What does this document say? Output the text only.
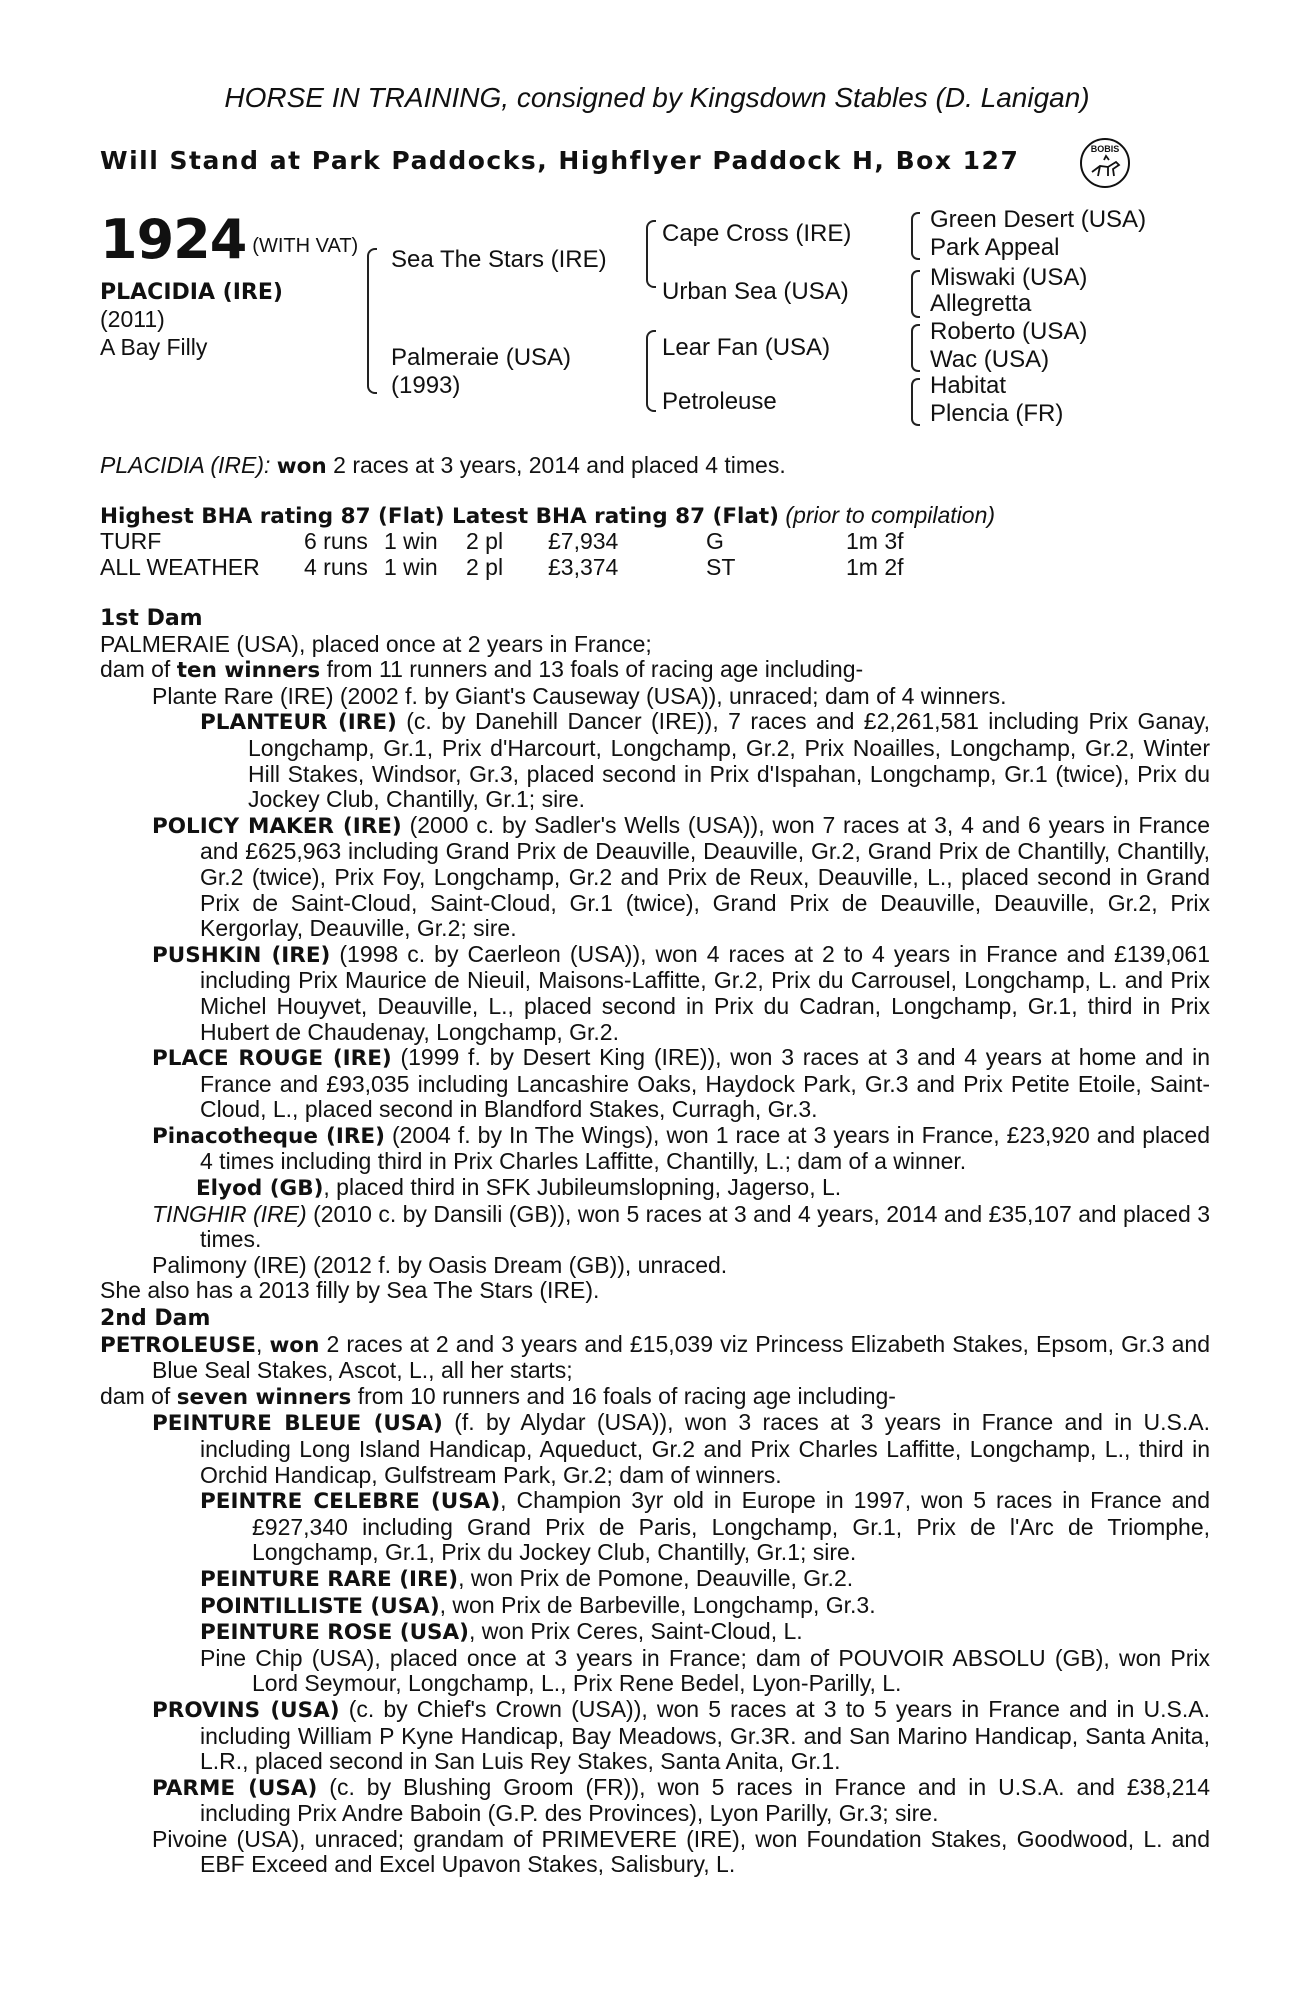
HORSE IN TRAINING, consigned by Kingsdown Stables (D. Lanigan)
Will Stand at Park Paddocks, Highflyer Paddock H, Box 127	BOBIS
1924 (WITH VAT)
PLACIDIA (IRE)
(2011)
A Bay Filly
Sea The Stars (IRE)
Palmeraie (USA)
(1993)
Cape Cross (IRE)
Urban Sea (USA)
Lear Fan (USA)
Petroleuse
Green Desert (USA)
Park Appeal
Miswaki (USA)
Allegretta
Roberto (USA)
Wac (USA)
Habitat
Plencia (FR)
PLACIDIA (IRE): won 2 races at 3 years, 2014 and placed 4 times.
Highest BHA rating 87 (Flat) Latest BHA rating 87 (Flat) (prior to compilation)
TURF	6 runs 1 win 2 pl £7,934	G	1m 3f
ALL WEATHER 4 runs 1 win 2 pl £3,374	ST	1m 2f

1st Dam

PALMERAIE (USA), placed once at 2 years in France;

dam of ten winners from 11 runners and 13 foals of racing age including-

Plante Rare (IRE) (2002 f. by Giant's Causeway (USA)), unraced; dam of 4 winners.

PLANTEUR (IRE) (c. by Danehill Dancer (IRE)), 7 races and £2,261,581 including Prix Ganay, Longchamp, Gr.1, Prix d'Harcourt, Longchamp, Gr.2, Prix Noailles, Longchamp, Gr.2, Winter Hill Stakes, Windsor, Gr.3, placed second in Prix d'Ispahan, Longchamp, Gr.1 (twice), Prix du Jockey Club, Chantilly, Gr.1; sire.

POLICY MAKER (IRE) (2000 c. by Sadler's Wells (USA)), won 7 races at 3, 4 and 6 years in France and £625,963 including Grand Prix de Deauville, Deauville, Gr.2, Grand Prix de Chantilly, Chantilly, Gr.2 (twice), Prix Foy, Longchamp, Gr.2 and Prix de Reux, Deauville, L., placed second in Grand Prix de Saint-Cloud, Saint-Cloud, Gr.1 (twice), Grand Prix de Deauville, Deauville, Gr.2, Prix Kergorlay, Deauville, Gr.2; sire.

PUSHKIN (IRE) (1998 c. by Caerleon (USA)), won 4 races at 2 to 4 years in France and £139,061 including Prix Maurice de Nieuil, Maisons-Laffitte, Gr.2, Prix du Carrousel, Longchamp, L. and Prix Michel Houyvet, Deauville, L., placed second in Prix du Cadran, Longchamp, Gr.1, third in Prix Hubert de Chaudenay, Longchamp, Gr.2.

PLACE ROUGE (IRE) (1999 f. by Desert King (IRE)), won 3 races at 3 and 4 years at home and in France and £93,035 including Lancashire Oaks, Haydock Park, Gr.3 and Prix Petite Etoile, Saint-Cloud, L., placed second in Blandford Stakes, Curragh, Gr.3.

Pinacotheque (IRE) (2004 f. by In The Wings), won 1 race at 3 years in France, £23,920 and placed 4 times including third in Prix Charles Laffitte, Chantilly, L.; dam of a winner.

Elyod (GB), placed third in SFK Jubileumslopning, Jagerso, L.

TINGHIR (IRE) (2010 c. by Dansili (GB)), won 5 races at 3 and 4 years, 2014 and £35,107 and placed 3 times.

Palimony (IRE) (2012 f. by Oasis Dream (GB)), unraced.

She also has a 2013 filly by Sea The Stars (IRE).

2nd Dam

PETROLEUSE, won 2 races at 2 and 3 years and £15,039 viz Princess Elizabeth Stakes, Epsom, Gr.3 and Blue Seal Stakes, Ascot, L., all her starts;

dam of seven winners from 10 runners and 16 foals of racing age including-

PEINTURE BLEUE (USA) (f. by Alydar (USA)), won 3 races at 3 years in France and in U.S.A. including Long Island Handicap, Aqueduct, Gr.2 and Prix Charles Laffitte, Longchamp, L., third in Orchid Handicap, Gulfstream Park, Gr.2; dam of winners.

PEINTRE CELEBRE (USA), Champion 3yr old in Europe in 1997, won 5 races in France and £927,340 including Grand Prix de Paris, Longchamp, Gr.1, Prix de l'Arc de Triomphe, Longchamp, Gr.1, Prix du Jockey Club, Chantilly, Gr.1; sire.

PEINTURE RARE (IRE), won Prix de Pomone, Deauville, Gr.2.

POINTILLISTE (USA), won Prix de Barbeville, Longchamp, Gr.3.

PEINTURE ROSE (USA), won Prix Ceres, Saint-Cloud, L.

Pine Chip (USA), placed once at 3 years in France; dam of POUVOIR ABSOLU (GB), won Prix Lord Seymour, Longchamp, L., Prix Rene Bedel, Lyon-Parilly, L.

PROVINS (USA) (c. by Chief's Crown (USA)), won 5 races at 3 to 5 years in France and in U.S.A. including William P Kyne Handicap, Bay Meadows, Gr.3R. and San Marino Handicap, Santa Anita, L.R., placed second in San Luis Rey Stakes, Santa Anita, Gr.1.

PARME (USA) (c. by Blushing Groom (FR)), won 5 races in France and in U.S.A. and £38,214 including Prix Andre Baboin (G.P. des Provinces), Lyon Parilly, Gr.3; sire.

Pivoine (USA), unraced; grandam of PRIMEVERE (IRE), won Foundation Stakes, Goodwood, L. and EBF Exceed and Excel Upavon Stakes, Salisbury, L.
